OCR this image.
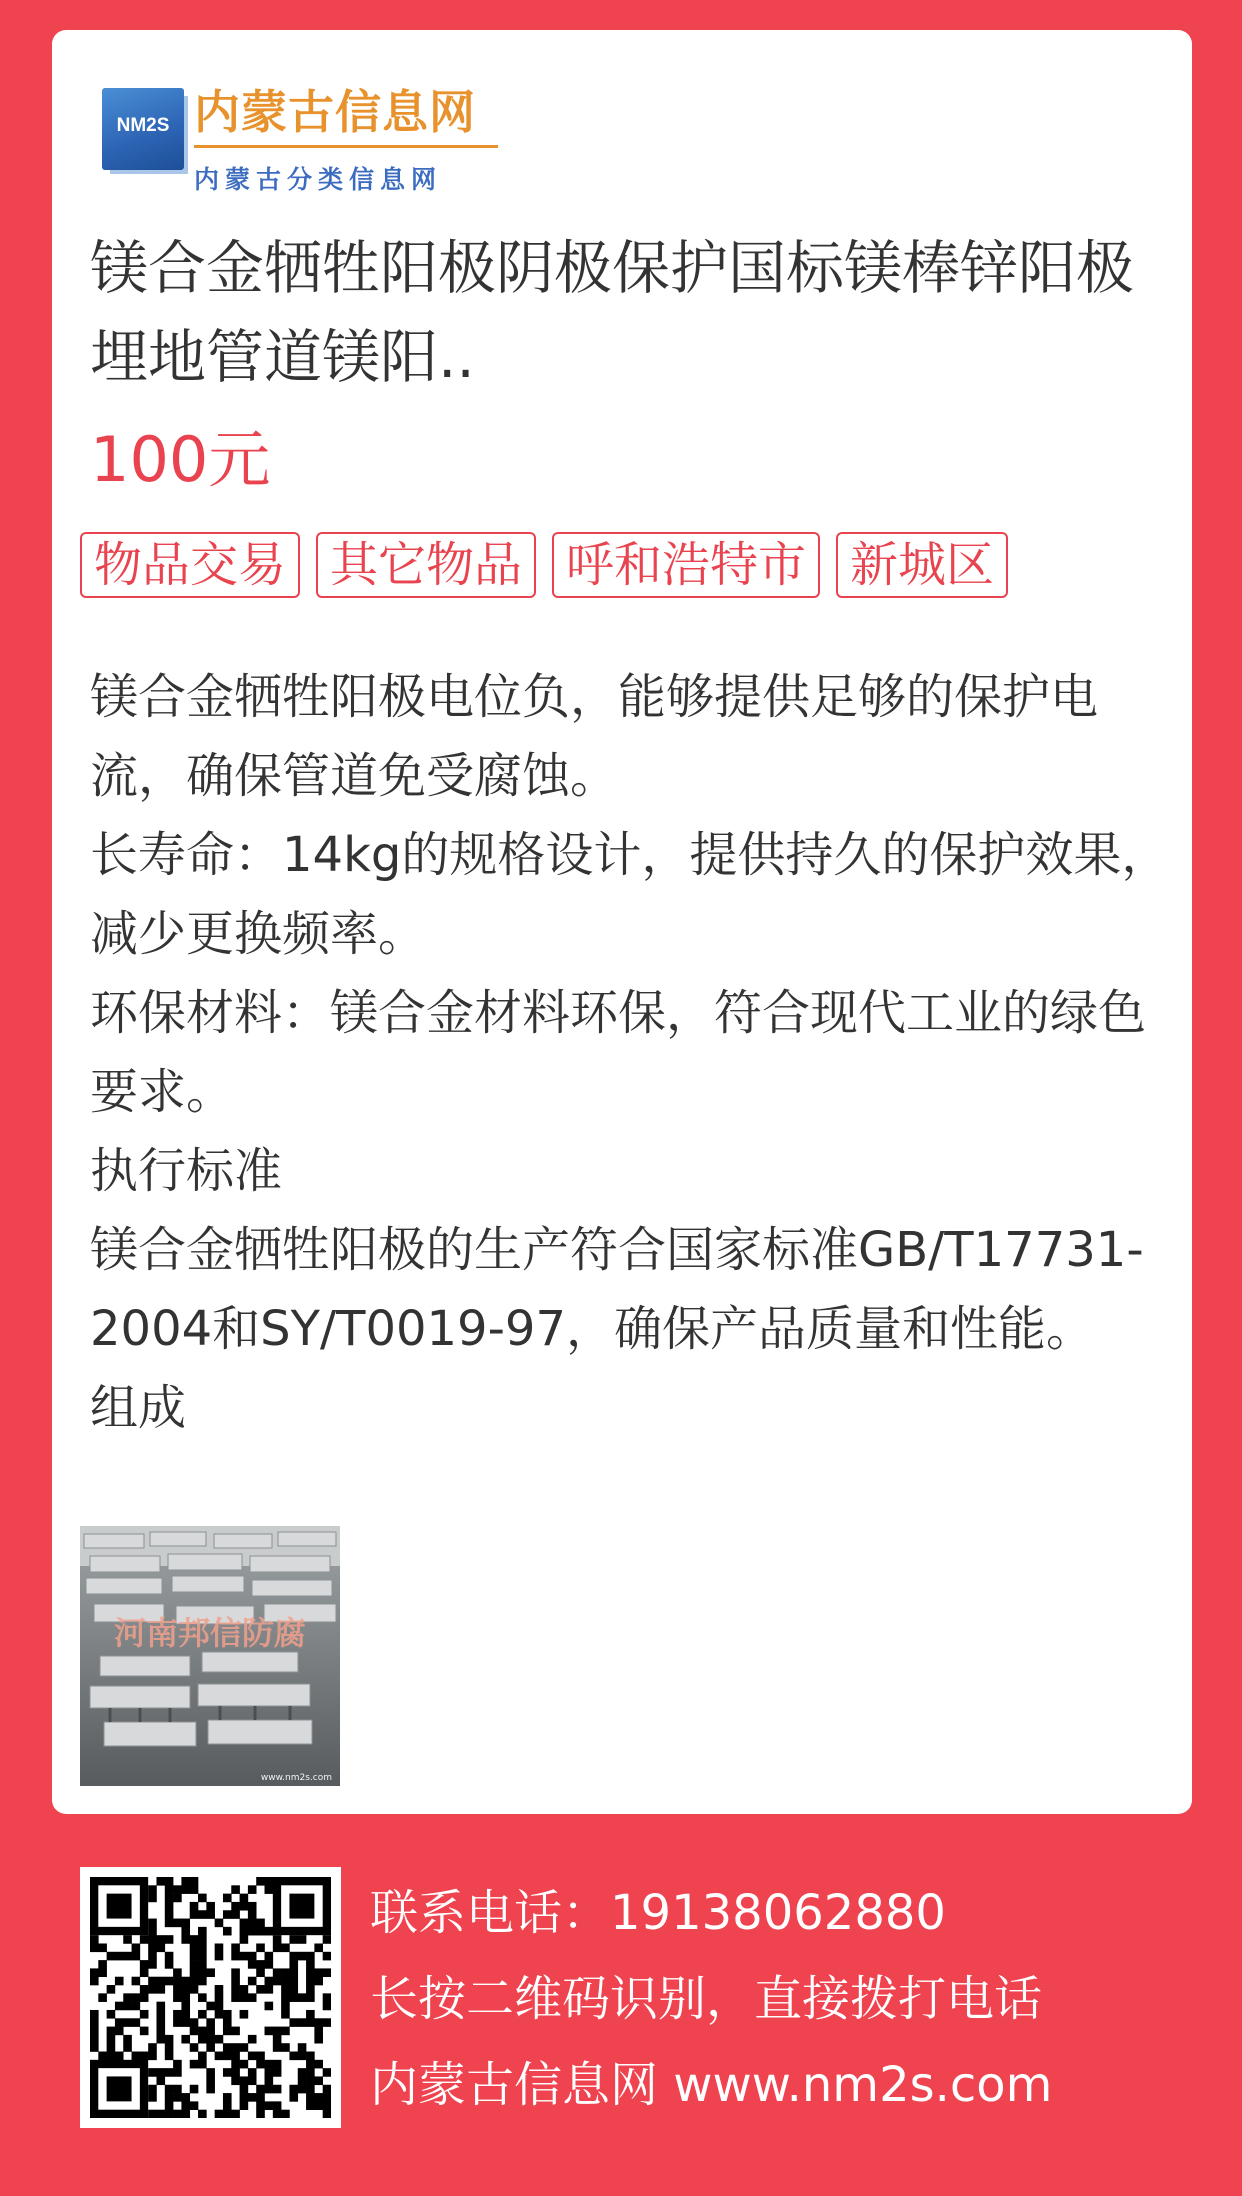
NM2S 内蒙古信息网
内蒙古分类信息网
镁合金牺牲阳极阴极保护国标镁棒锌阳极埋地管道镁阳..
100元
物品交易 其它物品 呼和浩特市 新城区

镁合金牺牲阳极电位负，能够提供足够的保护电流，确保管道免受腐蚀。

长寿命：14kg的规格设计，提供持久的保护效果，减少更换频率。

环保材料：镁合金材料环保，符合现代工业的绿色要求。

执行标准

镁合金牺牲阳极的生产符合国家标准GB/T17731-2004和SY/T0019-97，确保产品质量和性能。

组成

河南邦信防腐
www.nm2s.com
联系电话：19138062880
长按二维码识别，直接拨打电话
内蒙古信息网 www.nm2s.com
